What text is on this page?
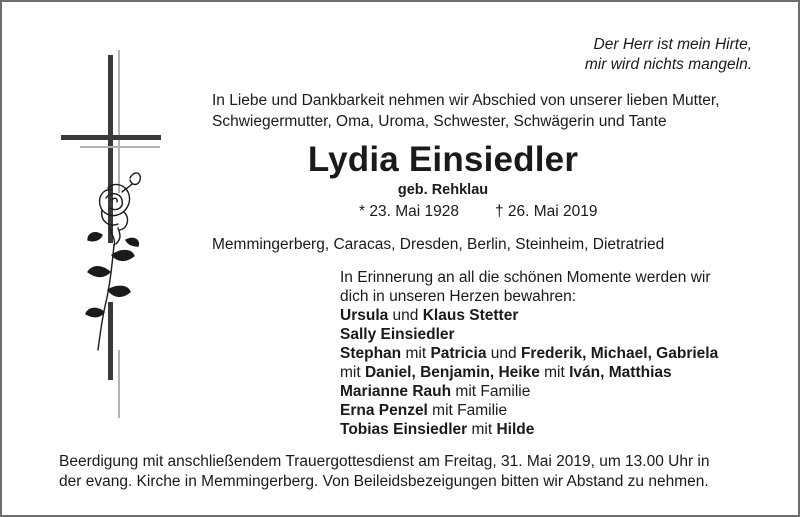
Der Herr ist mein Hirte,
mir wird nichts mangeln.
In Liebe und Dankbarkeit nehmen wir Abschied von unserer lieben Mutter,
Schwiegermutter, Oma, Uroma, Schwester, Schwägerin und Tante
Lydia Einsiedler
geb. Rehklau
* 23. Mai 1928 † 26. Mai 2019
Memmingerberg, Caracas, Dresden, Berlin, Steinheim, Dietratried
In Erinnerung an all die schönen Momente werden wir
dich in unseren Herzen bewahren:
Ursula und Klaus Stetter
Sally Einsiedler
Stephan mit Patricia und Frederik, Michael, Gabriela
mit Daniel, Benjamin, Heike mit Iván, Matthias
Marianne Rauh mit Familie
Erna Penzel mit Familie
Tobias Einsiedler mit Hilde
Beerdigung mit anschließendem Trauergottesdienst am Freitag, 31. Mai 2019, um 13.00 Uhr in
der evang. Kirche in Memmingerberg. Von Beileidsbezeigungen bitten wir Abstand zu nehmen.
